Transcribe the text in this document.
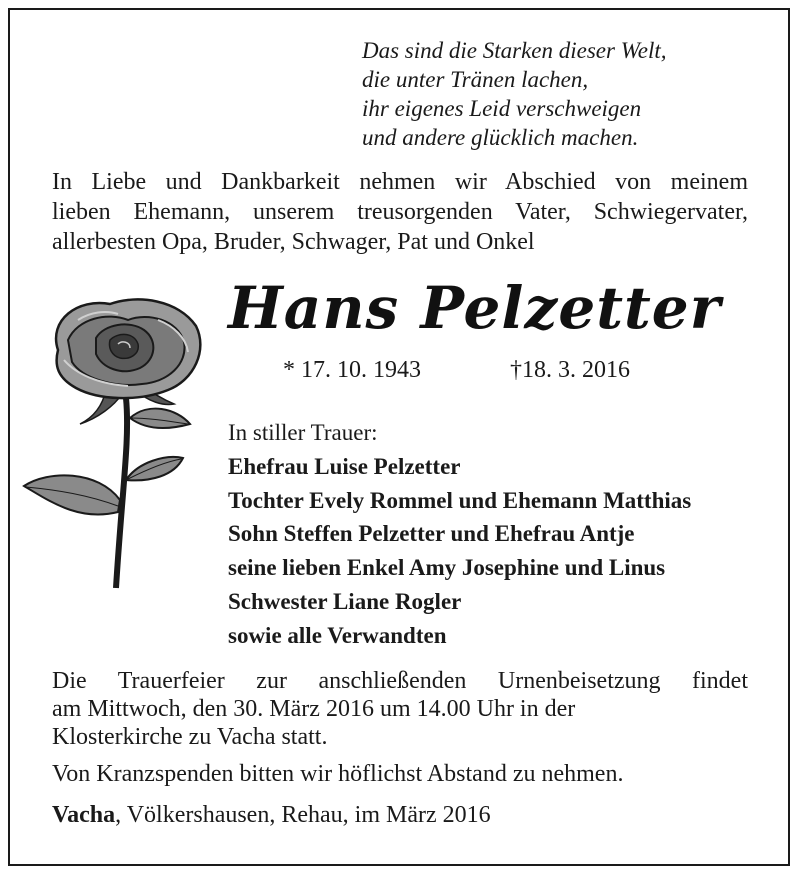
Das sind die Starken dieser Welt,
die unter Tränen lachen,
ihr eigenes Leid verschweigen
und andere glücklich machen.
In Liebe und Dankbarkeit nehmen wir Abschied von meinem
lieben Ehemann, unserem treusorgenden Vater, Schwiegervater,
allerbesten Opa, Bruder, Schwager, Pat und Onkel
Hans Pelzetter
* 17. 10. 1943	†18. 3. 2016
In stiller Trauer:
Ehefrau Luise Pelzetter
Tochter Evely Rommel und Ehemann Matthias
Sohn Steffen Pelzetter und Ehefrau Antje
seine lieben Enkel Amy Josephine und Linus
Schwester Liane Rogler
sowie alle Verwandten
Die Trauerfeier zur anschließenden Urnenbeisetzung findet
am Mittwoch, den 30. März 2016 um 14.00 Uhr in der
Klosterkirche zu Vacha statt.
Von Kranzspenden bitten wir höflichst Abstand zu nehmen.
Vacha, Völkershausen, Rehau, im März 2016
